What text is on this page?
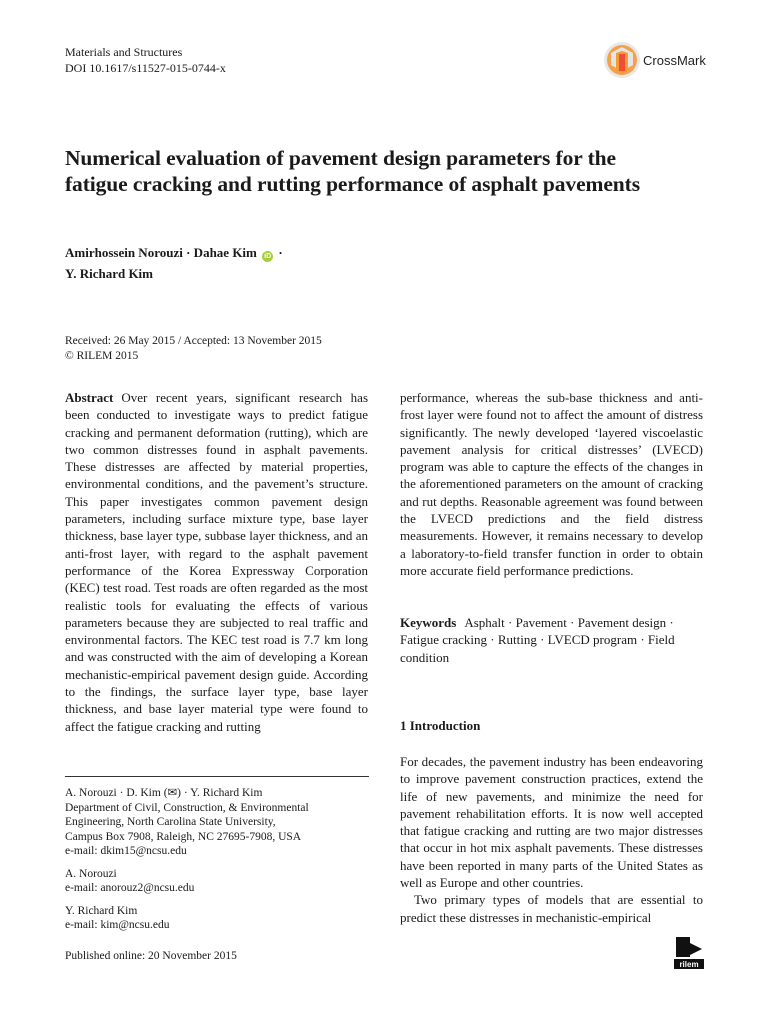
Materials and Structures
DOI 10.1617/s11527-015-0744-x	CrossMark
Numerical evaluation of pavement design parameters for the fatigue cracking and rutting performance of asphalt pavements
Amirhossein Norouzi · Dahae Kim iD ·
Y. Richard Kim
Received: 26 May 2015 / Accepted: 13 November 2015
© RILEM 2015
Abstract Over recent years, significant research has been conducted to investigate ways to predict fatigue cracking and permanent deformation (rutting), which are two common distresses found in asphalt pavements. These distresses are affected by material properties, environmental conditions, and the pavement’s structure. This paper investigates common pavement design parameters, including surface mixture type, base layer thickness, base layer type, subbase layer thickness, and an anti-frost layer, with regard to the asphalt pavement performance of the Korea Expressway Corporation (KEC) test road. Test roads are often regarded as the most realistic tools for evaluating the effects of various parameters because they are subjected to real traffic and environmental factors. The KEC test road is 7.7 km long and was constructed with the aim of developing a Korean mechanistic-empirical pavement design guide. According to the findings, the surface layer type, base layer thickness, and base layer material type were found to affect the fatigue cracking and rutting
performance, whereas the sub-base thickness and anti-frost layer were found not to affect the amount of distress significantly. The newly developed ‘layered viscoelastic pavement analysis for critical distresses’ (LVECD) program was able to capture the effects of the changes in the aforementioned parameters on the amount of cracking and rut depths. Reasonable agreement was found between the LVECD predictions and the field distress measurements. However, it remains necessary to develop a laboratory-to-field transfer function in order to obtain more accurate field performance predictions.
Keywords Asphalt · Pavement · Pavement design · Fatigue cracking · Rutting · LVECD program · Field condition
1 Introduction

For decades, the pavement industry has been endeavoring to improve pavement construction practices, extend the life of new pavements, and minimize the need for pavement rehabilitation efforts. It is now well accepted that fatigue cracking and rutting are two major distresses that occur in hot mix asphalt pavements. These distresses have been reported in many parts of the United States as well as Europe and other countries.

Two primary types of models that are essential to predict these distresses in mechanistic-empirical

A. Norouzi · D. Kim (✉) · Y. Richard Kim
Department of Civil, Construction, & Environmental Engineering, North Carolina State University,
Campus Box 7908, Raleigh, NC 27695-7908, USA
e-mail: dkim15@ncsu.edu

A. Norouzi
e-mail: anorouz2@ncsu.edu

Y. Richard Kim
e-mail: kim@ncsu.edu

Published online: 20 November 2015
rilem
